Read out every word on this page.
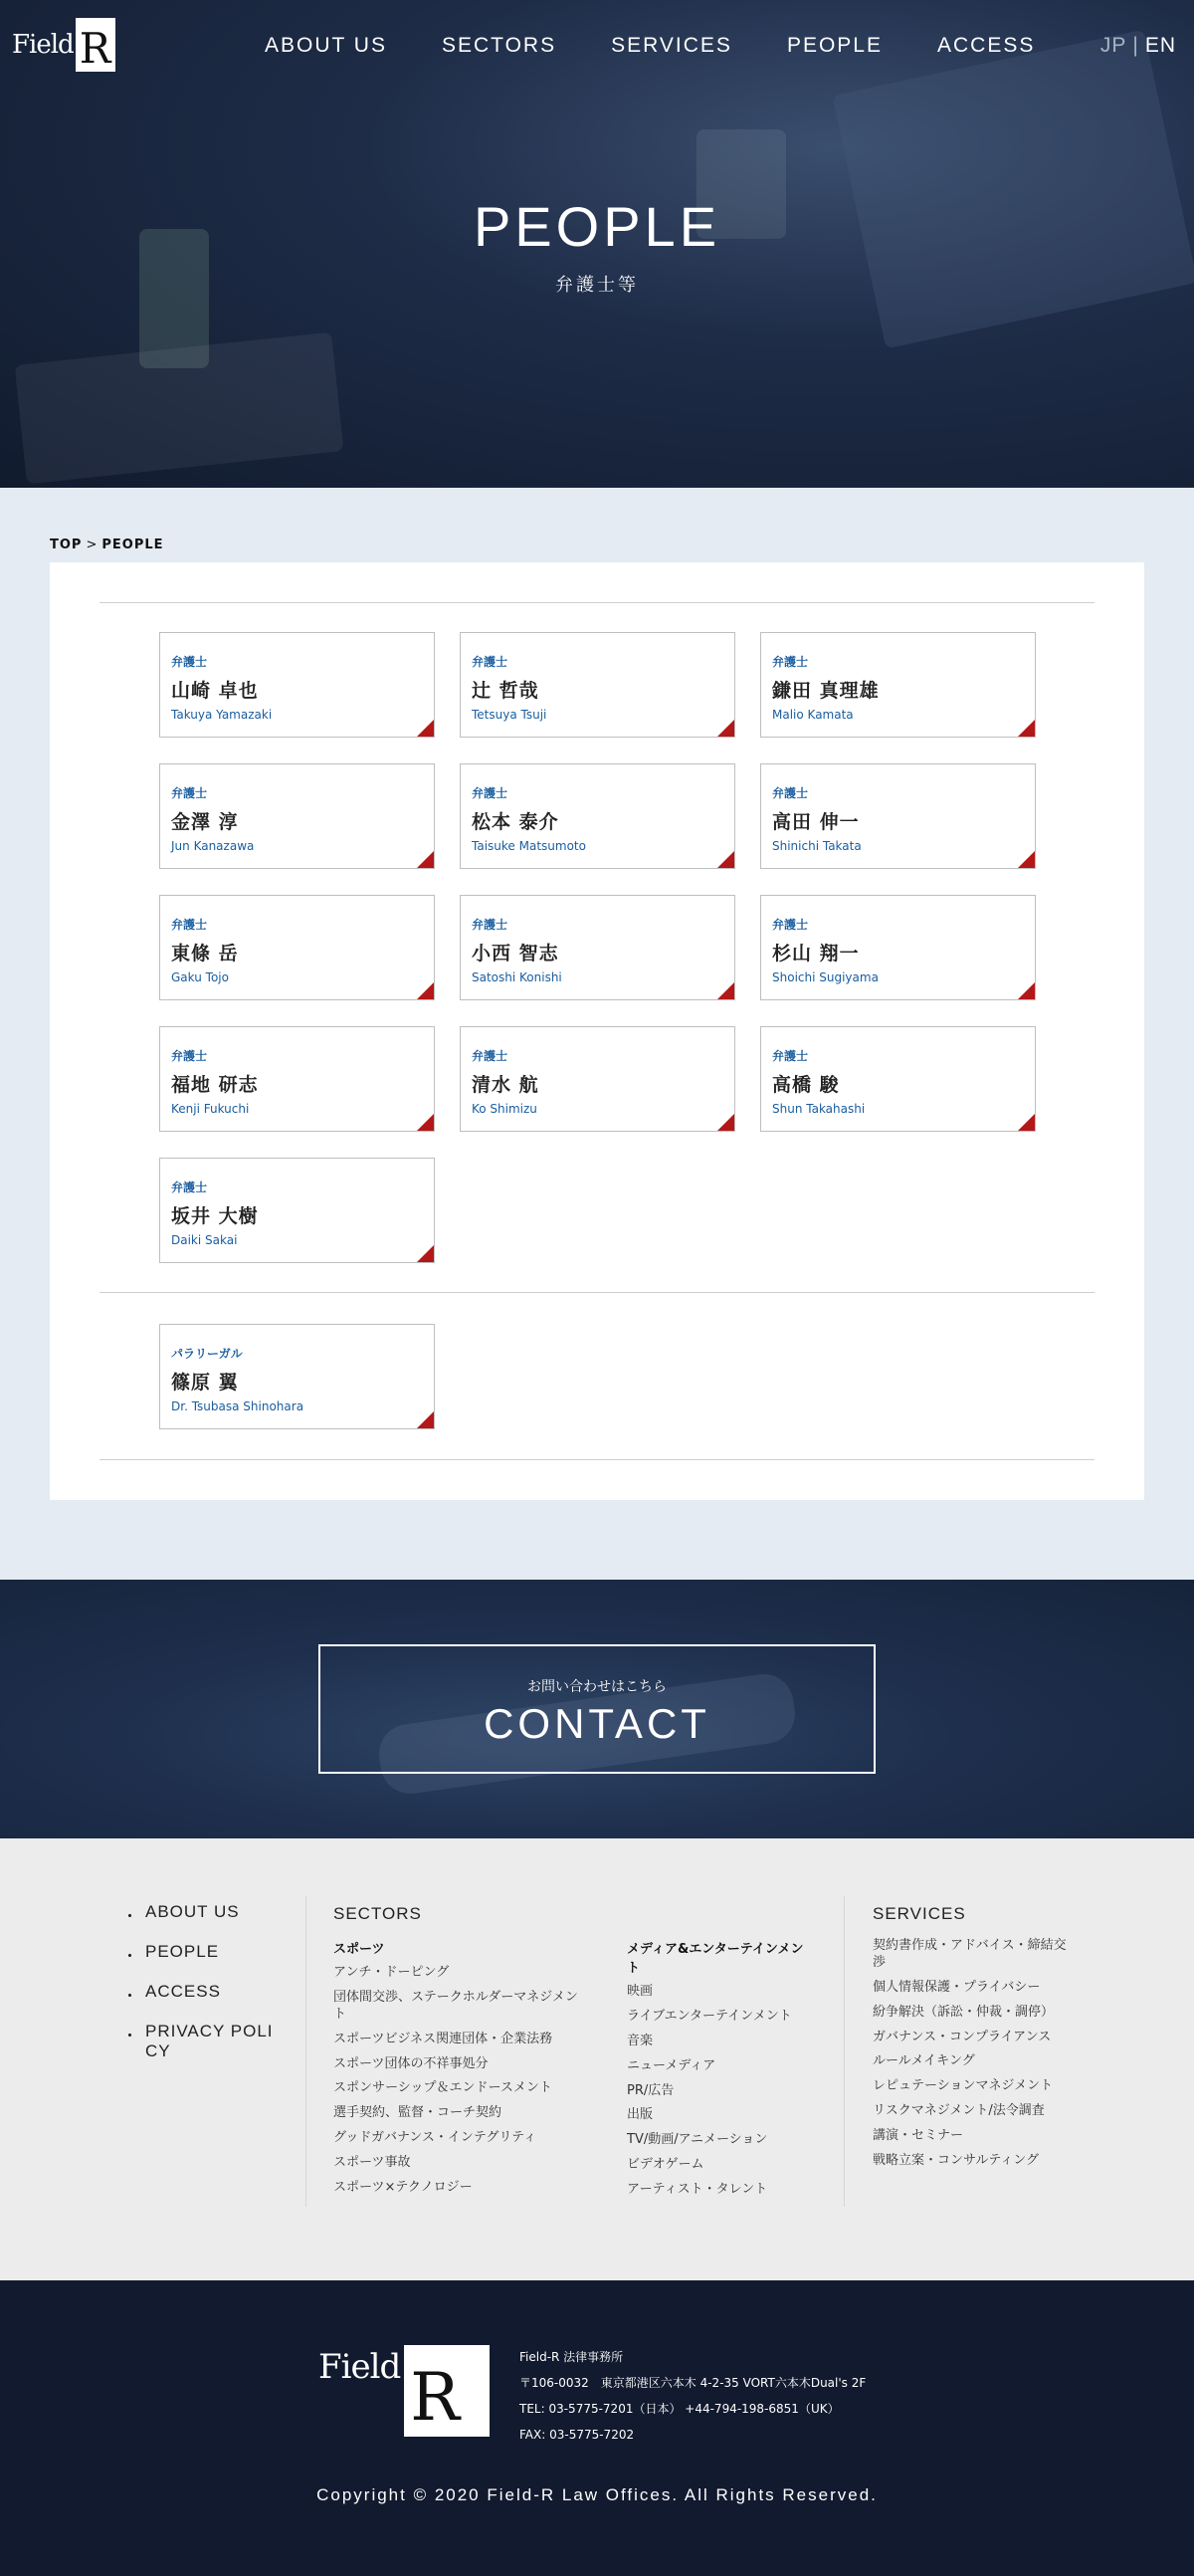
Field R	ABOUT US	SECTORS	SERVICES	PEOPLE	ACCESS	JP | EN
PEOPLE
弁護士等
TOP > PEOPLE
弁護士
山崎 卓也
Takuya Yamazaki
弁護士
辻 哲哉
Tetsuya Tsuji
弁護士
鎌田 真理雄
Malio Kamata
弁護士
金澤 淳
Jun Kanazawa
弁護士
松本 泰介
Taisuke Matsumoto
弁護士
高田 伸一
Shinichi Takata
弁護士
東條 岳
Gaku Tojo
弁護士
小西 智志
Satoshi Konishi
弁護士
杉山 翔一
Shoichi Sugiyama
弁護士
福地 研志
Kenji Fukuchi
弁護士
清水 航
Ko Shimizu
弁護士
高橋 駿
Shun Takahashi
弁護士
坂井 大樹
Daiki Sakai
パラリーガル
篠原 翼
Dr. Tsubasa Shinohara
お問い合わせはこちら
CONTACT
・ ABOUT US
・ PEOPLE
・ ACCESS
・ PRIVACY POLICY
SECTORS
スポーツ
アンチ・ドーピング
団体間交渉、ステークホルダーマネジメント
スポーツビジネス関連団体・企業法務
スポーツ団体の不祥事処分
スポンサーシップ＆エンドースメント
選手契約、監督・コーチ契約
グッドガバナンス・インテグリティ
スポーツ事故
スポーツ×テクノロジー
メディア&エンターテインメント
映画
ライブエンターテインメント
音楽
ニューメディア
PR/広告
出版
TV/動画/アニメーション
ビデオゲーム
アーティスト・タレント
SERVICES
契約書作成・アドバイス・締結交渉
個人情報保護・プライバシー
紛争解決（訴訟・仲裁・調停）
ガバナンス・コンプライアンス
ルールメイキング
レピュテーションマネジメント
リスクマネジメント/法令調査
講演・セミナー
戦略立案・コンサルティング
Field R
Field-R 法律事務所
〒106-0032　東京都港区六本木 4-2-35 VORT六本木Dual's 2F
TEL: 03-5775-7201（日本） +44-794-198-6851（UK）
FAX: 03-5775-7202
Copyright © 2020 Field-R Law Offices. All Rights Reserved.
